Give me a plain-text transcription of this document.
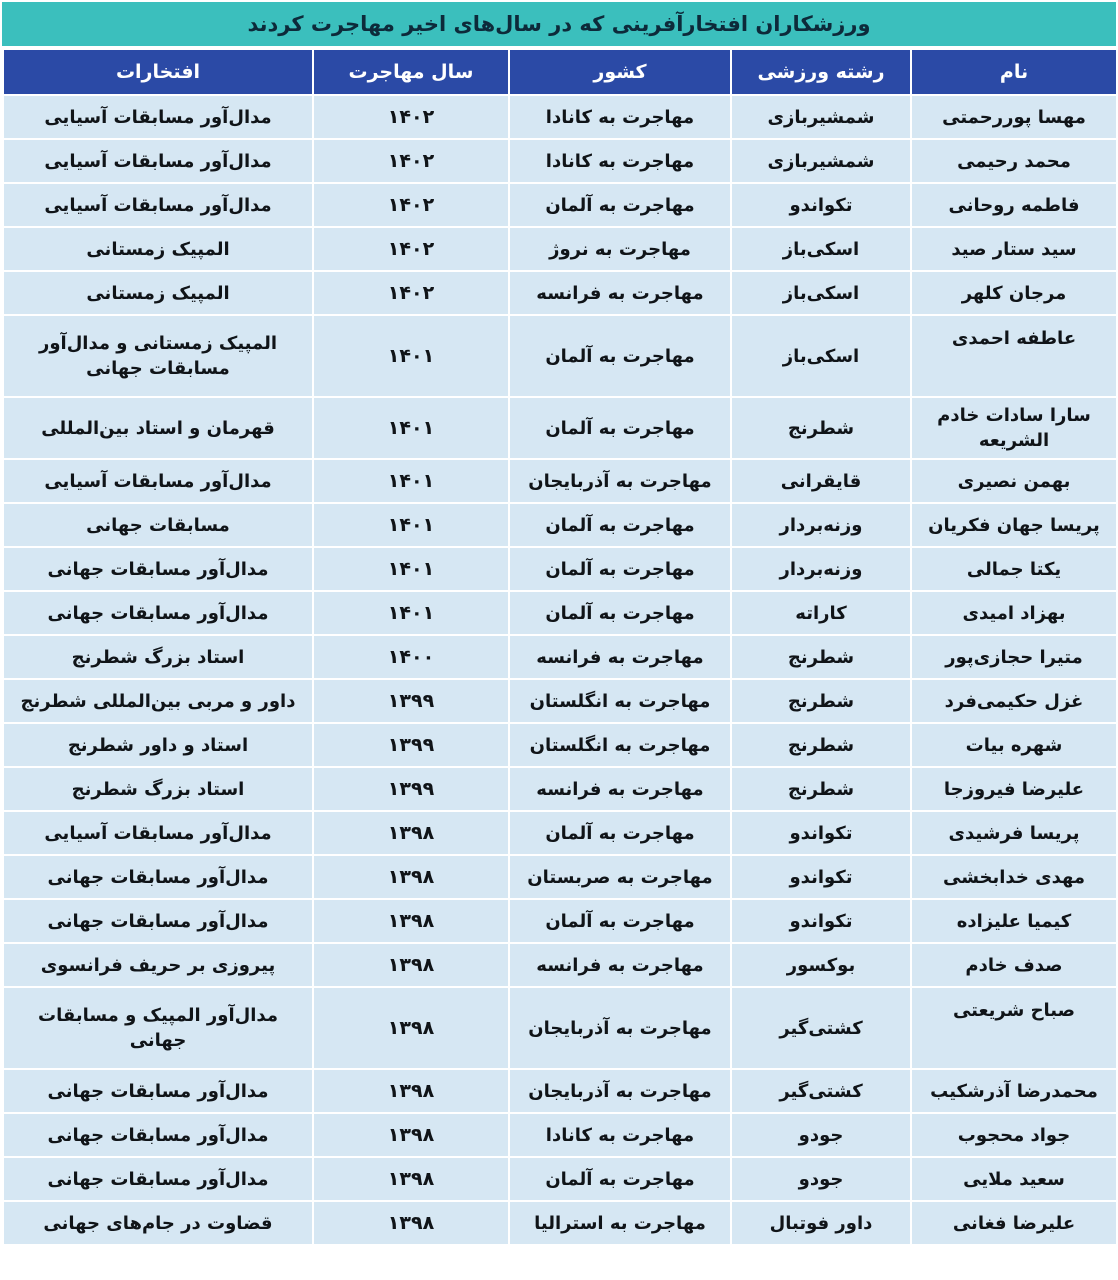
ورزشکاران افتخارآفرینی که در سال‌های اخیر مهاجرت کردند
نام	رشته ورزشی	کشور	سال مهاجرت	افتخارات
مهسا پوررحمتی	شمشیربازی	مهاجرت به کانادا	۱۴۰۲	مدال‌آور مسابقات آسیایی
محمد رحیمی	شمشیربازی	مهاجرت به کانادا	۱۴۰۲	مدال‌آور مسابقات آسیایی
فاطمه روحانی	تکواندو	مهاجرت به آلمان	۱۴۰۲	مدال‌آور مسابقات آسیایی
سید ستار صید	اسکی‌باز	مهاجرت به نروژ	۱۴۰۲	المپیک زمستانی
مرجان کلهر	اسکی‌باز	مهاجرت به فرانسه	۱۴۰۲	المپیک زمستانی
عاطفه احمدی	اسکی‌باز	مهاجرت به آلمان	۱۴۰۱	المپیک زمستانی و مدال‌آور مسابقات جهانی
سارا سادات خادم الشریعه	شطرنج	مهاجرت به آلمان	۱۴۰۱	قهرمان و استاد بین‌المللی
بهمن نصیری	قایقرانی	مهاجرت به آذربایجان	۱۴۰۱	مدال‌آور مسابقات آسیایی
پریسا جهان فکریان	وزنه‌بردار	مهاجرت به آلمان	۱۴۰۱	مسابقات جهانی
یکتا جمالی	وزنه‌بردار	مهاجرت به آلمان	۱۴۰۱	مدال‌آور مسابقات جهانی
بهزاد امیدی	کاراته	مهاجرت به آلمان	۱۴۰۱	مدال‌آور مسابقات جهانی
متیرا حجازی‌پور	شطرنج	مهاجرت به فرانسه	۱۴۰۰	استاد بزرگ شطرنج
غزل حکیمی‌فرد	شطرنج	مهاجرت به انگلستان	۱۳۹۹	داور و مربی بین‌المللی شطرنج
شهره بیات	شطرنج	مهاجرت به انگلستان	۱۳۹۹	استاد و داور شطرنج
علیرضا فیروزجا	شطرنج	مهاجرت به فرانسه	۱۳۹۹	استاد بزرگ شطرنج
پریسا فرشیدی	تکواندو	مهاجرت به آلمان	۱۳۹۸	مدال‌آور مسابقات آسیایی
مهدی خدابخشی	تکواندو	مهاجرت به صربستان	۱۳۹۸	مدال‌آور مسابقات جهانی
کیمیا علیزاده	تکواندو	مهاجرت به آلمان	۱۳۹۸	مدال‌آور مسابقات جهانی
صدف خادم	بوکسور	مهاجرت به فرانسه	۱۳۹۸	پیروزی بر حریف فرانسوی
صباح شریعتی	کشتی‌گیر	مهاجرت به آذربایجان	۱۳۹۸	مدال‌آور المپیک و مسابقات جهانی
محمدرضا آذرشکیب	کشتی‌گیر	مهاجرت به آذربایجان	۱۳۹۸	مدال‌آور مسابقات جهانی
جواد محجوب	جودو	مهاجرت به کانادا	۱۳۹۸	مدال‌آور مسابقات جهانی
سعید ملایی	جودو	مهاجرت به آلمان	۱۳۹۸	مدال‌آور مسابقات جهانی
علیرضا فغانی	داور فوتبال	مهاجرت به استرالیا	۱۳۹۸	قضاوت در جام‌های جهانی
